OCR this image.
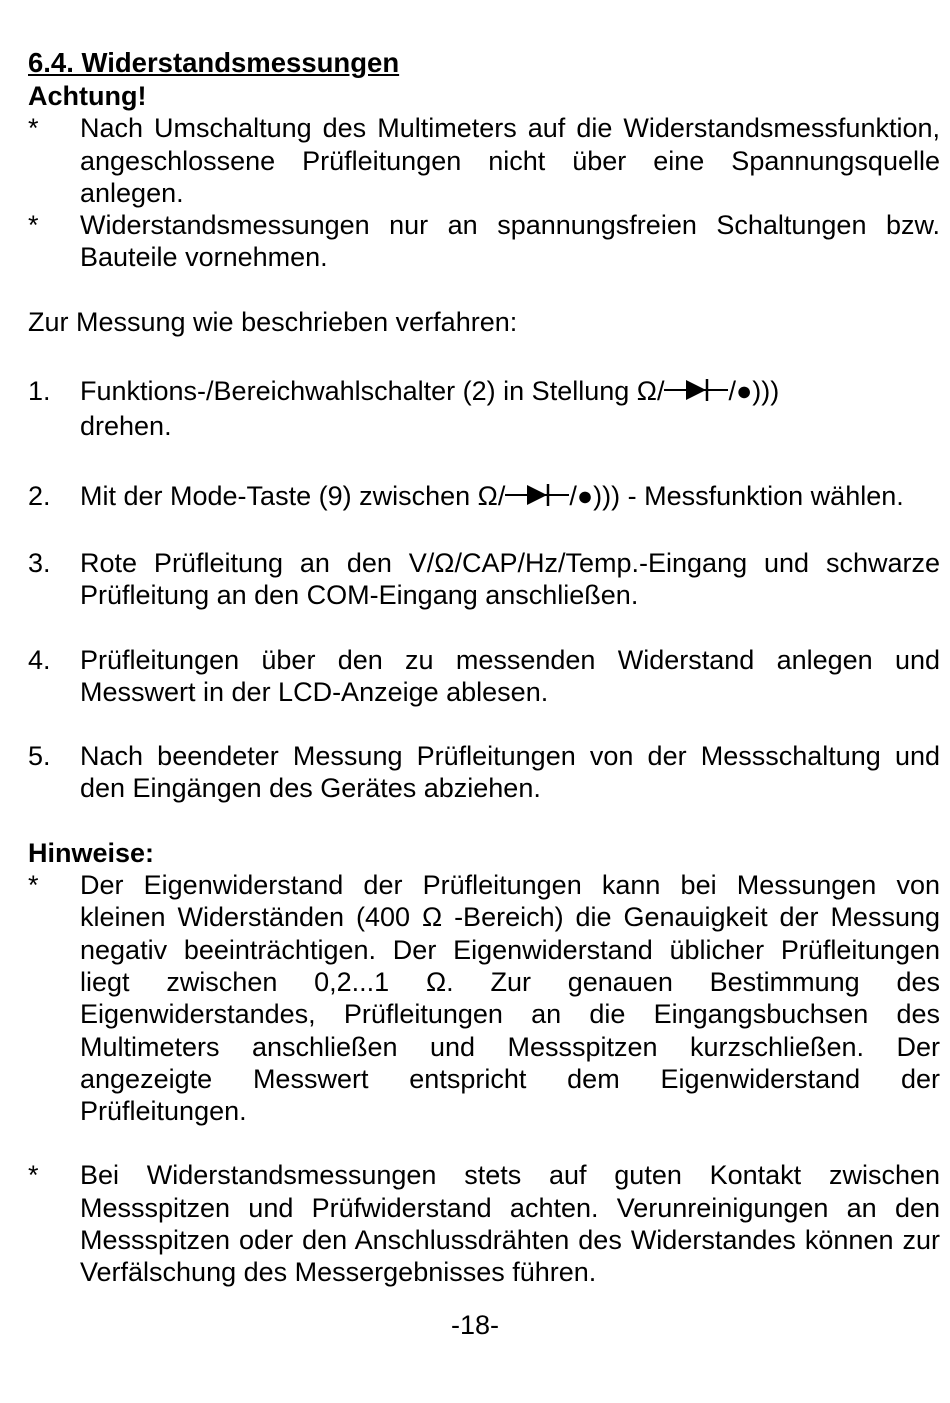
6.4. Widerstandsmessungen

Achtung!

*	Nach Umschaltung des Multimeters auf die Widerstandsmessfunktion, angeschlossene Prüfleitungen nicht über eine Spannungsquelle anlegen.
*	Widerstandsmessungen nur an spannungsfreien Schaltungen bzw. Bauteile vornehmen.

Zur Messung wie beschrieben verfahren:

1.	Funktions-/Bereichwahlschalter (2) in Stellung Ω/ /●)))
drehen.
2.	Mit der Mode-Taste (9) zwischen Ω/ /●))) - Messfunktion wählen.
3.	Rote Prüfleitung an den V/Ω/CAP/Hz/Temp.-Eingang und schwarze Prüfleitung an den COM-Eingang anschließen.
4.	Prüfleitungen über den zu messenden Widerstand anlegen und Messwert in der LCD-Anzeige ablesen.
5.	Nach beendeter Messung Prüfleitungen von der Messschaltung und den Eingängen des Gerätes abziehen.

Hinweise:

*	Der Eigenwiderstand der Prüfleitungen kann bei Messungen von kleinen Widerständen (400 Ω -Bereich) die Genauigkeit der Messung negativ beeinträchtigen. Der Eigenwiderstand üblicher Prüfleitungen liegt zwischen 0,2...1 Ω. Zur genauen Bestimmung des Eigenwiderstandes, Prüfleitungen an die Eingangsbuchsen des Multimeters anschließen und Messspitzen kurzschließen. Der angezeigte Messwert entspricht dem Eigenwiderstand der Prüfleitungen.
*	Bei Widerstandsmessungen stets auf guten Kontakt zwischen Messspitzen und Prüfwiderstand achten. Verunreinigungen an den Messspitzen oder den Anschlussdrähten des Widerstandes können zur Verfälschung des Messergebnisses führen.
-18-
